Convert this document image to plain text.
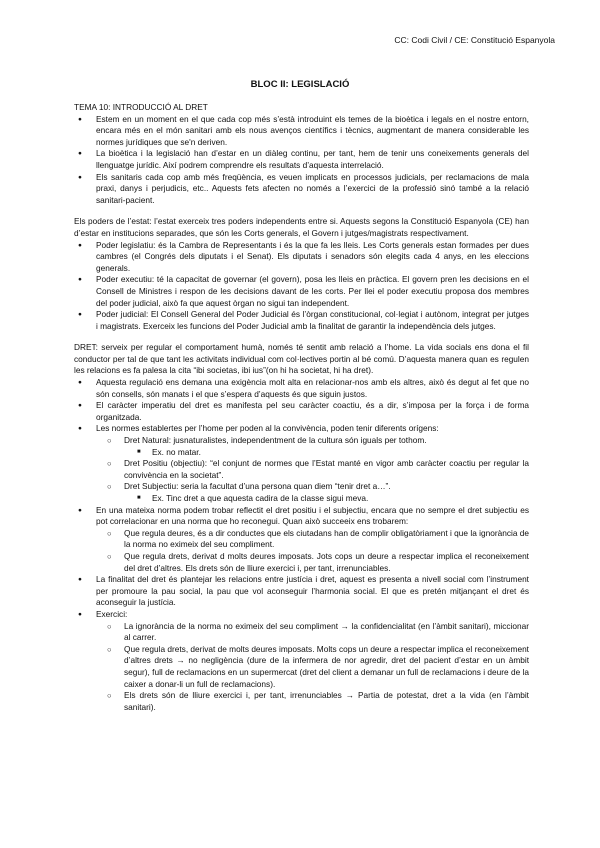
CC: Codi Civil / CE: Constitució Espanyola
BLOC II: LEGISLACIÓ

TEMA 10: INTRODUCCIÓ AL DRET

● Estem en un moment en el que cada cop més s’està introduint els temes de la bioètica i legals en el nostre entorn, encara més en el món sanitari amb els nous avenços científics i tècnics, augmentant de manera considerable les normes jurídiques que se'n deriven.
● La bioètica i la legislació han d’estar en un diàleg continu, per tant, hem de tenir uns coneixements generals del llenguatge jurídic. Així podrem comprendre els resultats d’aquesta interrelació.
● Els sanitaris cada cop amb més freqüència, es veuen implicats en processos judicials, per reclamacions de mala praxi, danys i perjudicis, etc.. Aquests fets afecten no només a l’exercici de la professió sinó també a la relació sanitari-pacient.

Els poders de l’estat: l’estat exerceix tres poders independents entre si. Aquests segons la Constitució Espanyola (CE) han d’estar en institucions separades, que són les Corts generals, el Govern i jutges/magistrats respectivament.

● Poder legislatiu: és la Cambra de Representants i és la que fa les lleis. Les Corts generals estan formades per dues cambres (el Congrés dels diputats i el Senat). Els diputats i senadors són elegits cada 4 anys, en les eleccions generals.
● Poder executiu: té la capacitat de governar (el govern), posa les lleis en pràctica. El govern pren les decisions en el Consell de Ministres i respon de les decisions davant de les corts. Per llei el poder executiu proposa dos membres del poder judicial, això fa que aquest òrgan no sigui tan independent.
● Poder judicial: El Consell General del Poder Judicial és l’òrgan constitucional, col·legiat i autònom, integrat per jutges i magistrats. Exerceix les funcions del Poder Judicial amb la finalitat de garantir la independència dels jutges.

DRET: serveix per regular el comportament humà, només té sentit amb relació a l’home. La vida socials ens dona el fil conductor per tal de que tant les activitats individual com col·lectives portin al bé comú. D’aquesta manera quan es regulen les relacions es fa palesa la cita “ibi societas, ibi ius”(on hi ha societat, hi ha dret).

● Aquesta regulació ens demana una exigència molt alta en relacionar-nos amb els altres, això és degut al fet que no són consells, són manats i el que s’espera d’aquests és que siguin justos.
● El caràcter imperatiu del dret es manifesta pel seu caràcter coactiu, és a dir, s’imposa per la força i de forma organitzada.
● Les normes establertes per l’home per poden al la convivència, poden tenir diferents orígens:
○ Dret Natural: jusnaturalistes, independentment de la cultura són iguals per tothom.
■ Ex. no matar.
○ Dret Positiu (objectiu): “el conjunt de normes que l’Estat manté en vigor amb caràcter coactiu per regular la convivència en la societat”.
○ Dret Subjectiu: seria la facultat d’una persona quan diem “tenir dret a…”.
■ Ex. Tinc dret a que aquesta cadira de la classe sigui meva.
● En una mateixa norma podem trobar reflectit el dret positiu i el subjectiu, encara que no sempre el dret subjectiu es pot correlacionar en una norma que ho reconegui. Quan això succeeix ens trobarem:
○ Que regula deures, és a dir conductes que els ciutadans han de complir obligatòriament i que la ignorància de la norma no eximeix del seu compliment.
○ Que regula drets, derivat d molts deures imposats. Jots cops un deure a respectar implica el reconeixement del dret d’altres. Els drets són de lliure exercici i, per tant, irrenunciables.
● La finalitat del dret és plantejar les relacions entre justícia i dret, aquest es presenta a nivell social com l’instrument per promoure la pau social, la pau que vol aconseguir l’harmonia social. El que es pretén mitjançant el dret és aconseguir la justícia.
● Exercici:
○ La ignorància de la norma no eximeix del seu compliment → la confidencialitat (en l’àmbit sanitari), miccionar al carrer.
○ Que regula drets, derivat de molts deures imposats. Molts cops un deure a respectar implica el reconeixement d’altres drets → no negligència (dure de la infermera de nor agredir, dret del pacient d’estar en un àmbit segur), full de reclamacions en un supermercat (dret del client a demanar un full de reclamacions i deure de la caixer a donar-li un full de reclamacions).
○ Els drets són de lliure exercici i, per tant, irrenunciables → Partia de potestat, dret a la vida (en l’àmbit sanitari).
